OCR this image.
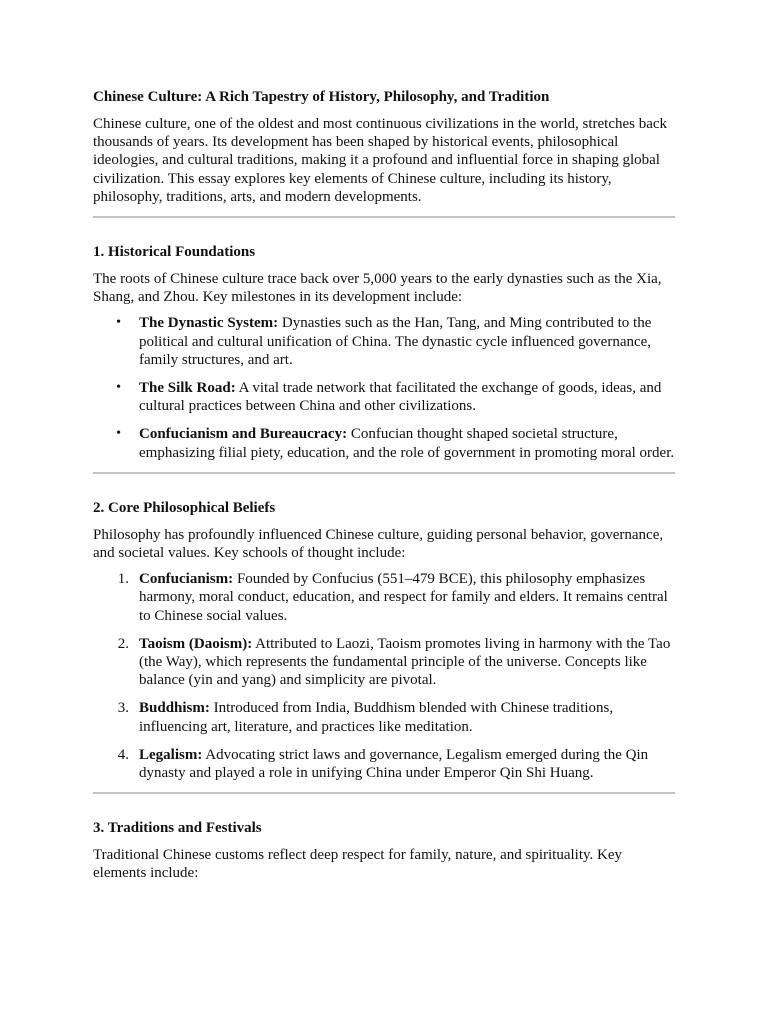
Chinese Culture: A Rich Tapestry of History, Philosophy, and Tradition

Chinese culture, one of the oldest and most continuous civilizations in the world, stretches back thousands of years. Its development has been shaped by historical events, philosophical ideologies, and cultural traditions, making it a profound and influential force in shaping global civilization. This essay explores key elements of Chinese culture, including its history, philosophy, traditions, arts, and modern developments.

1. Historical Foundations

The roots of Chinese culture trace back over 5,000 years to the early dynasties such as the Xia, Shang, and Zhou. Key milestones in its development include:

• The Dynastic System: Dynasties such as the Han, Tang, and Ming contributed to the political and cultural unification of China. The dynastic cycle influenced governance, family structures, and art.
• The Silk Road: A vital trade network that facilitated the exchange of goods, ideas, and cultural practices between China and other civilizations.
• Confucianism and Bureaucracy: Confucian thought shaped societal structure, emphasizing filial piety, education, and the role of government in promoting moral order.
2. Core Philosophical Beliefs

Philosophy has profoundly influenced Chinese culture, guiding personal behavior, governance, and societal values. Key schools of thought include:

1. Confucianism: Founded by Confucius (551–479 BCE), this philosophy emphasizes harmony, moral conduct, education, and respect for family and elders. It remains central to Chinese social values.
2. Taoism (Daoism): Attributed to Laozi, Taoism promotes living in harmony with the Tao (the Way), which represents the fundamental principle of the universe. Concepts like balance (yin and yang) and simplicity are pivotal.
3. Buddhism: Introduced from India, Buddhism blended with Chinese traditions, influencing art, literature, and practices like meditation.
4. Legalism: Advocating strict laws and governance, Legalism emerged during the Qin dynasty and played a role in unifying China under Emperor Qin Shi Huang.
3. Traditions and Festivals

Traditional Chinese customs reflect deep respect for family, nature, and spirituality. Key elements include:
